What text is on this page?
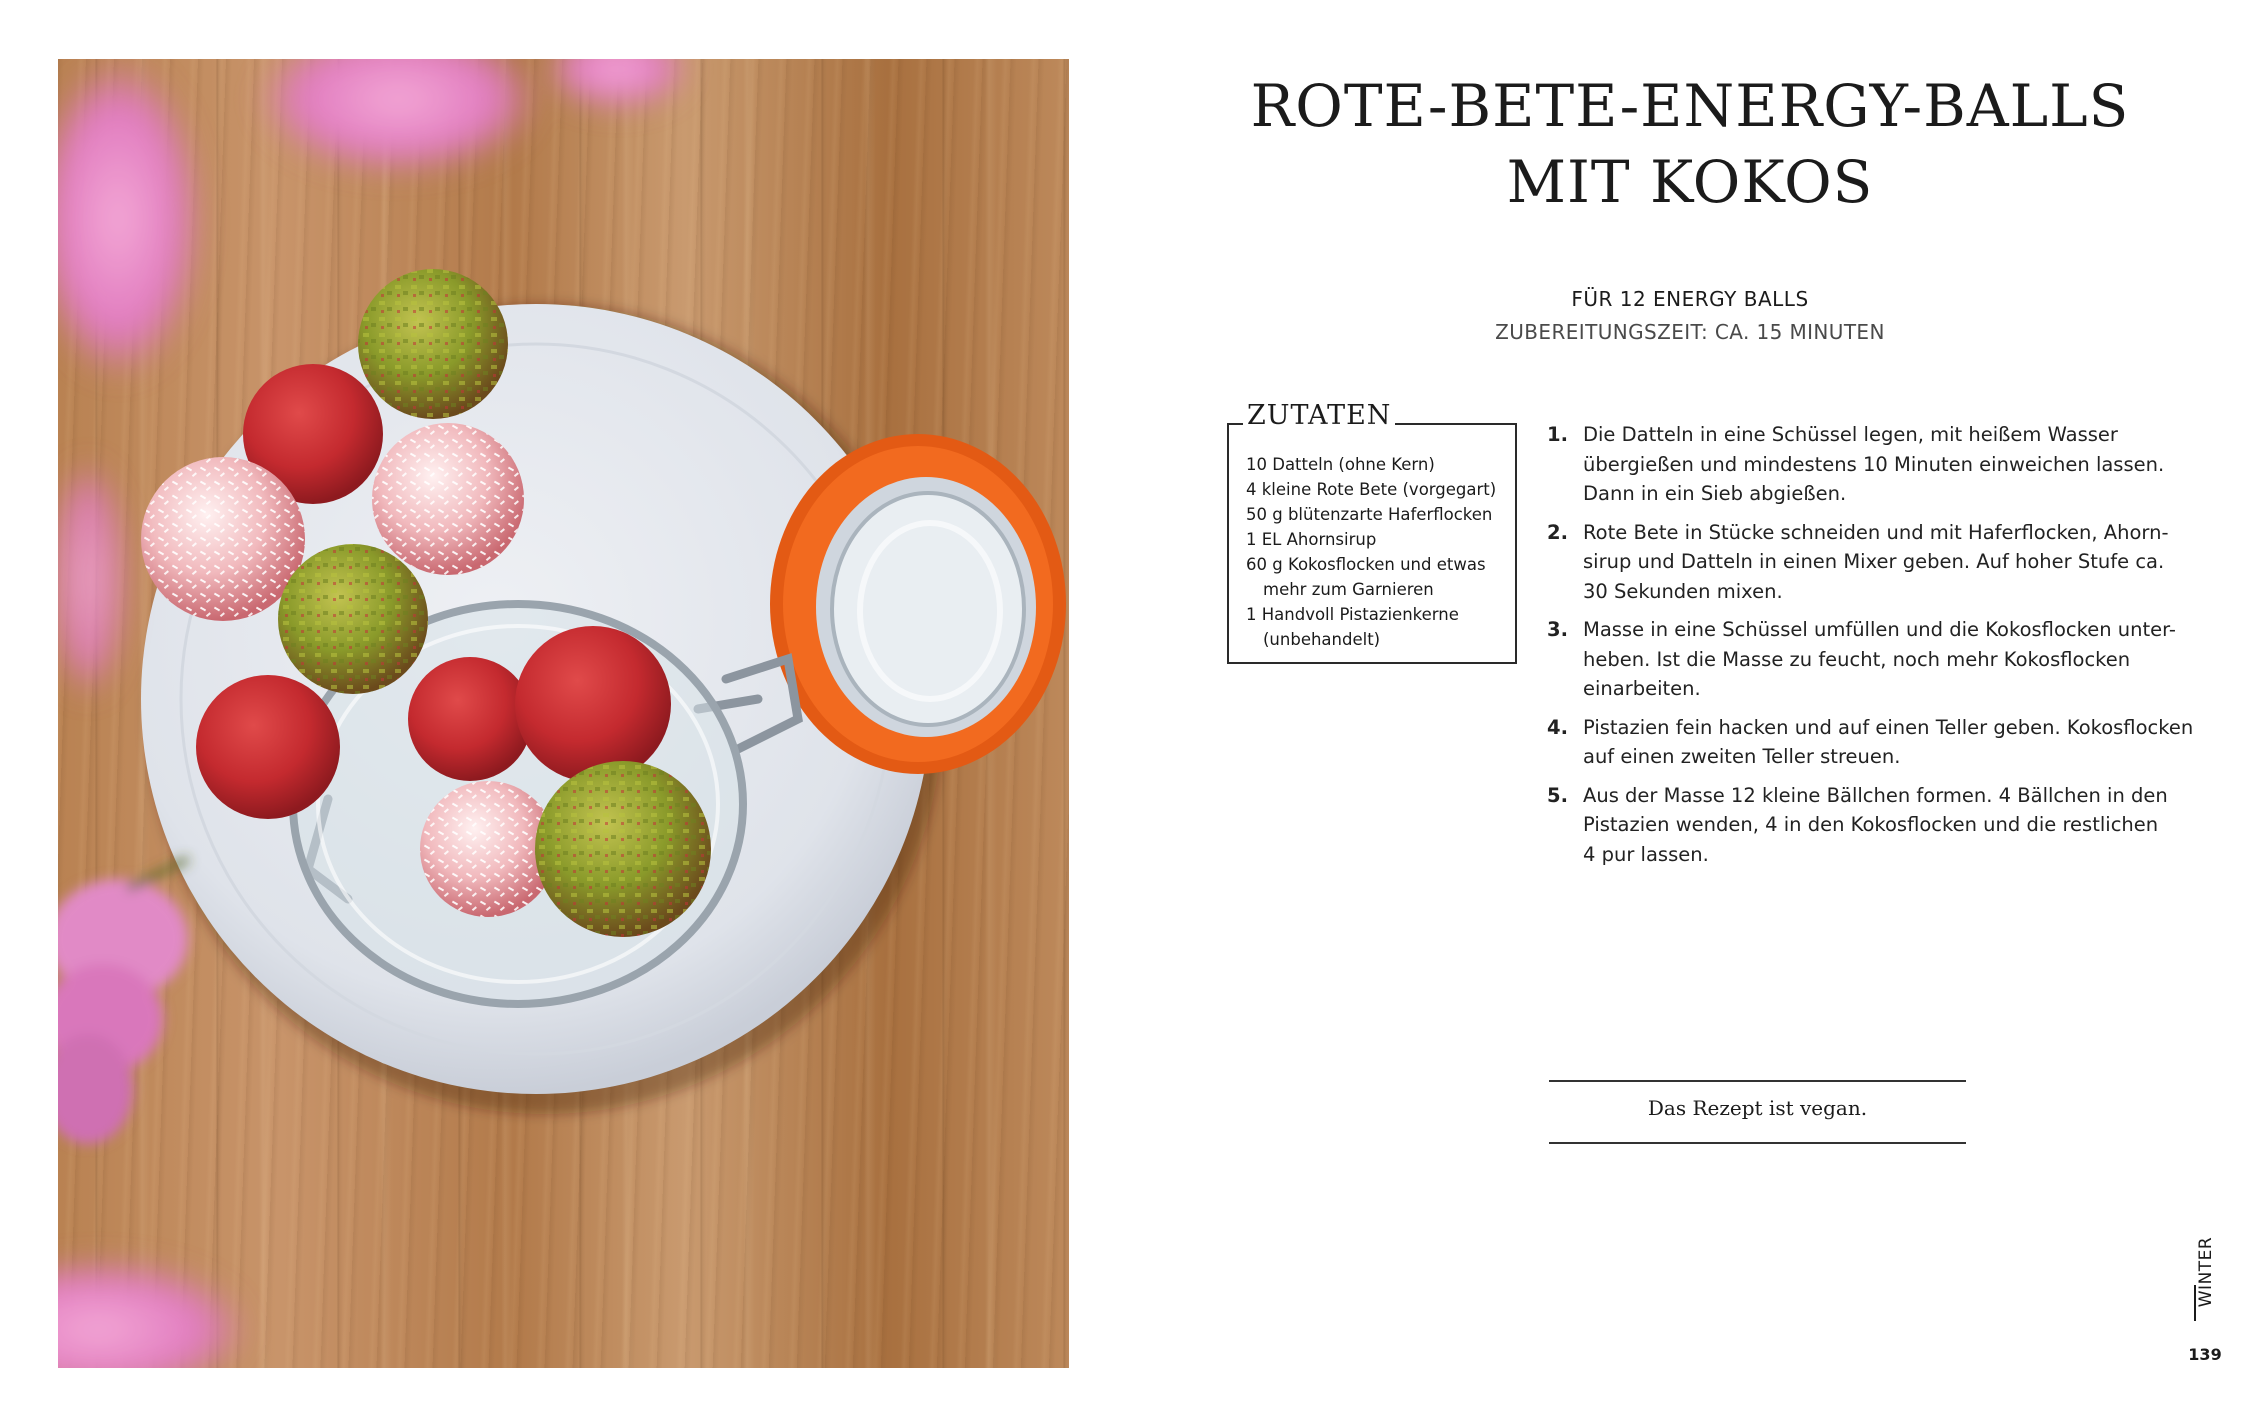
ROTE-BETE-ENERGY-BALLS
MIT KOKOS
FÜR 12 ENERGY BALLS
ZUBEREITUNGSZEIT: CA. 15 MINUTEN
ZUTATEN
10 Datteln (ohne Kern)
4 kleine Rote Bete (vorgegart)
50 g blütenzarte Haferflocken
1 EL Ahornsirup
60 g Kokosflocken und etwas mehr zum Garnieren
1 Handvoll Pistazienkerne (unbehandelt)
1. Die Datteln in eine Schüssel legen, mit heißem Wasser
übergießen und mindestens 10 Minuten einweichen lassen.
Dann in ein Sieb abgießen.
2. Rote Bete in Stücke schneiden und mit Haferflocken, Ahorn-
sirup und Datteln in einen Mixer geben. Auf hoher Stufe ca.
30 Sekunden mixen.
3. Masse in eine Schüssel umfüllen und die Kokosflocken unter-
heben. Ist die Masse zu feucht, noch mehr Kokosflocken
einarbeiten.
4. Pistazien fein hacken und auf einen Teller geben. Kokosflocken
auf einen zweiten Teller streuen.
5. Aus der Masse 12 kleine Bällchen formen. 4 Bällchen in den
Pistazien wenden, 4 in den Kokosflocken und die restlichen
4 pur lassen.
Das Rezept ist vegan.
WINTER
139
